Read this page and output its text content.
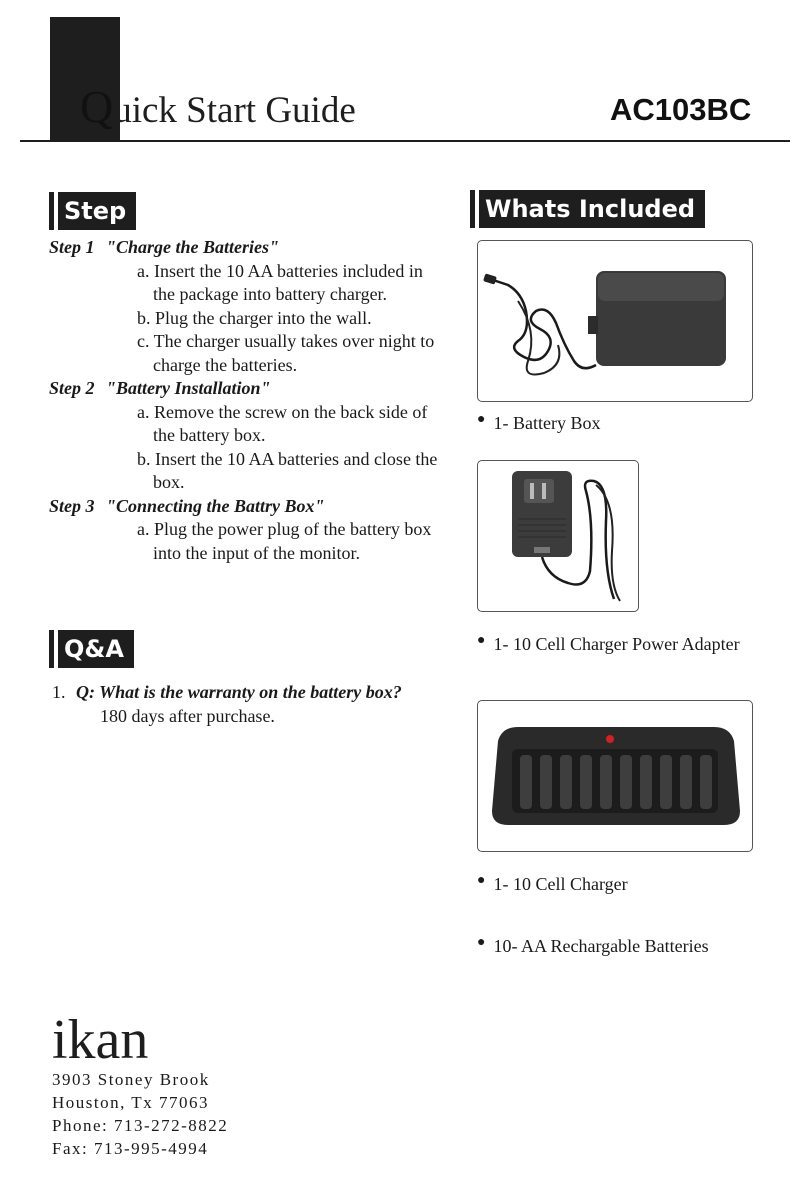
Quick Start Guide	AC103BC
Step
Step 1 "Charge the Batteries"
a. Insert the 10 AA batteries included in the package into battery charger.
b. Plug the charger into the wall.
c. The charger usually takes over night to charge the batteries.
Step 2 "Battery Installation"
a. Remove the screw on the back side of the battery box.
b. Insert the 10 AA batteries and close the box.
Step 3 "Connecting the Battry Box"
a. Plug the power plug of the battery box into the input of the monitor.
Q&A
1. Q: What is the warranty on the battery box?
180 days after purchase.
Whats Included
● 1- Battery Box
● 1- 10 Cell Charger Power Adapter
● 1- 10 Cell Charger
● 10- AA Rechargable Batteries
ikan
3903 Stoney Brook
Houston, Tx 77063
Phone: 713-272-8822
Fax: 713-995-4994
